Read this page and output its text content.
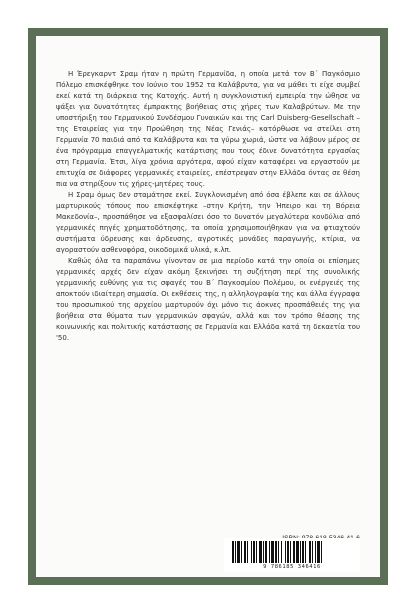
Η Έρεγκαρντ Σραμ ήταν η πρώτη Γερμανίδα, η οποία μετά τον Β΄ Παγκόσμιο Πόλεμο επισκέφθηκε τον Ιούνιο του 1952 τα Καλάβρυτα, για να μάθει τι είχε συμβεί εκεί κατά τη διάρκεια της Κατοχής. Αυτή η συγκλονιστική εμπειρία την ώθησε να ψάξει για δυνατότητες έμπρακτης βοήθειας στις χήρες των Καλαβρύτων. Με την υποστήριξη του Γερμανικού Συνδέσμου Γυναικών και της Carl Duisberg-Gesellschaft –της Εταιρείας για την Προώθηση της Νέας Γενιάς– κατόρθωσε να στείλει στη Γερμανία 70 παιδιά από τα Καλάβρυτα και τα γύρω χωριά, ώστε να λάβουν μέρος σε ένα πρόγραμμα επαγγελματικής κατάρτισης που τους έδινε δυνατότητα εργασίας στη Γερμανία. Έτσι, λίγα χρόνια αργότερα, αφού είχαν καταφέρει να εργαστούν με επιτυχία σε διάφορες γερμανικές εταιρείες, επέστρεψαν στην Ελλάδα όντας σε θέση πια να στηρίξουν τις χήρες-μητέρες τους.

Η Σραμ όμως δεν σταμάτησε εκεί. Συγκλονισμένη από όσα έβλεπε και σε άλλους μαρτυρικούς τόπους που επισκέφτηκε –στην Κρήτη, την Ήπειρο και τη Βόρεια Μακεδονία–, προσπάθησε να εξασφαλίσει όσο το δυνατόν μεγαλύτερα κονδύλια από γερμανικές πηγές χρηματοδότησης, τα οποία χρησιμοποιήθηκαν για να φτιαχτούν συστήματα ύδρευσης και άρδευσης, αγροτικές μονάδες παραγωγής, κτίρια, να αγοραστούν ασθενοφόρα, οικοδομικά υλικά, κ.λπ.

Καθώς όλα τα παραπάνω γίνονταν σε μια περίοδο κατά την οποία οι επίσημες γερμανικές αρχές δεν είχαν ακόμη ξεκινήσει τη συζήτηση περί της συνολικής γερμανικής ευθύνης για τις σφαγές του Β΄ Παγκοσμίου Πολέμου, οι ενέργειές της αποκτούν ιδιαίτερη σημασία. Οι εκθέσεις της, η αλληλογραφία της και άλλα έγγραφα του προσωπικού της αρχείου μαρτυρούν όχι μόνο τις άοκνες προσπάθειές της για βοήθεια στα θύματα των γερμανικών σφαγών, αλλά και τον τρόπο θέασης της κοινωνικής και πολιτικής κατάστασης σε Γερμανία και Ελλάδα κατά τη δεκαετία του '50.

9 786185 346416
